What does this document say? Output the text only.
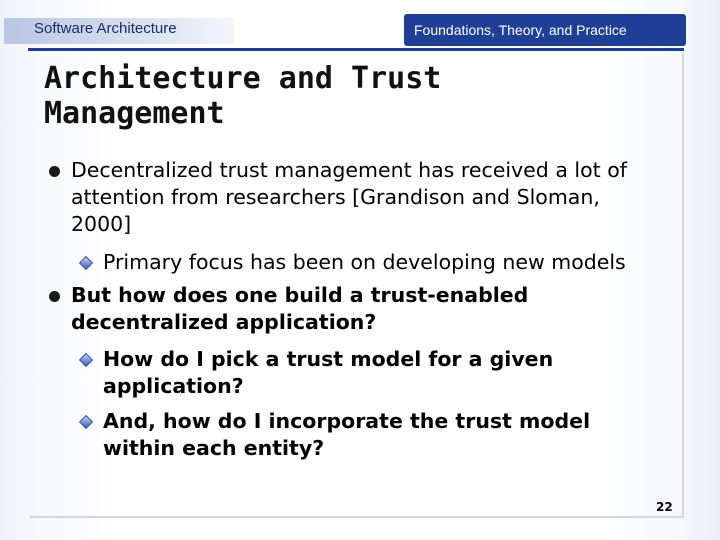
Software Architecture	Foundations, Theory, and Practice
Architecture and Trust
Management
Decentralized trust management has received a lot of
attention from researchers [Grandison and Sloman,
2000]
Primary focus has been on developing new models
But how does one build a trust-enabled
decentralized application?
How do I pick a trust model for a given
application?
And, how do I incorporate the trust model
within each entity?
22
